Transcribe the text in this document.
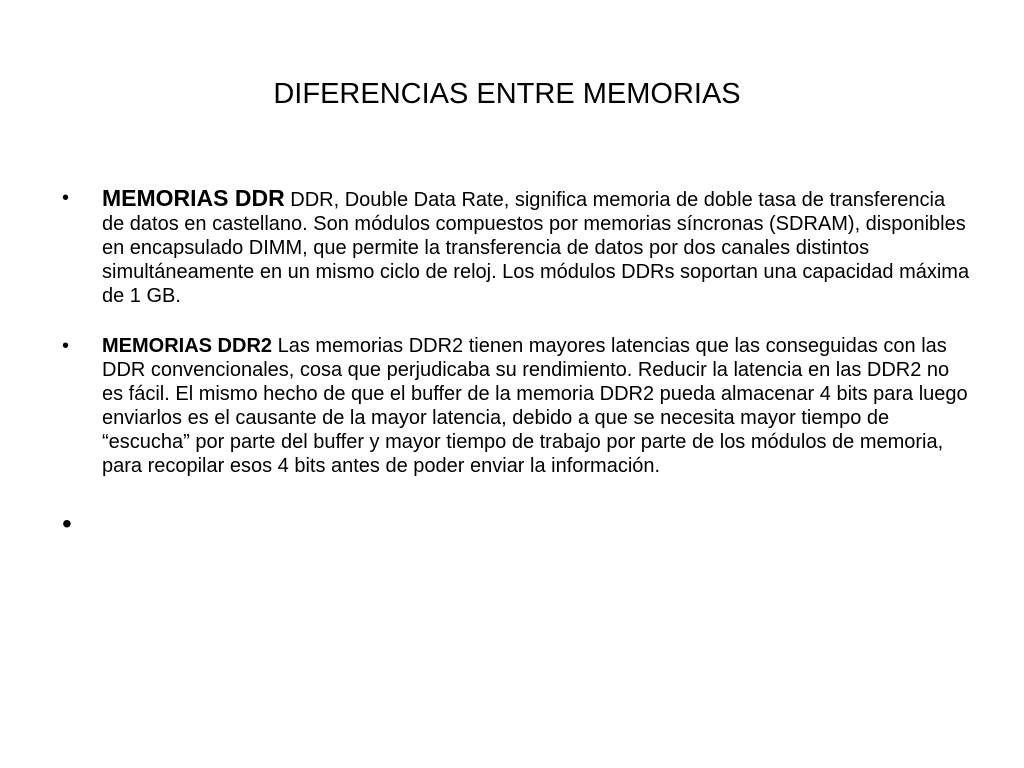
DIFERENCIAS ENTRE MEMORIAS
•	MEMORIAS DDR DDR, Double Data Rate, significa memoria de doble tasa de transferencia de datos en castellano. Son módulos compuestos por memorias síncronas (SDRAM), disponibles en encapsulado DIMM, que permite la transferencia de datos por dos canales distintos simultáneamente en un mismo ciclo de reloj. Los módulos DDRs soportan una capacidad máxima de 1 GB.
•	MEMORIAS DDR2 Las memorias DDR2 tienen mayores latencias que las conseguidas con las DDR convencionales, cosa que perjudicaba su rendimiento. Reducir la latencia en las DDR2 no es fácil. El mismo hecho de que el buffer de la memoria DDR2 pueda almacenar 4 bits para luego enviarlos es el causante de la mayor latencia, debido a que se necesita mayor tiempo de “escucha” por parte del buffer y mayor tiempo de trabajo por parte de los módulos de memoria, para recopilar esos 4 bits antes de poder enviar la información.
•
